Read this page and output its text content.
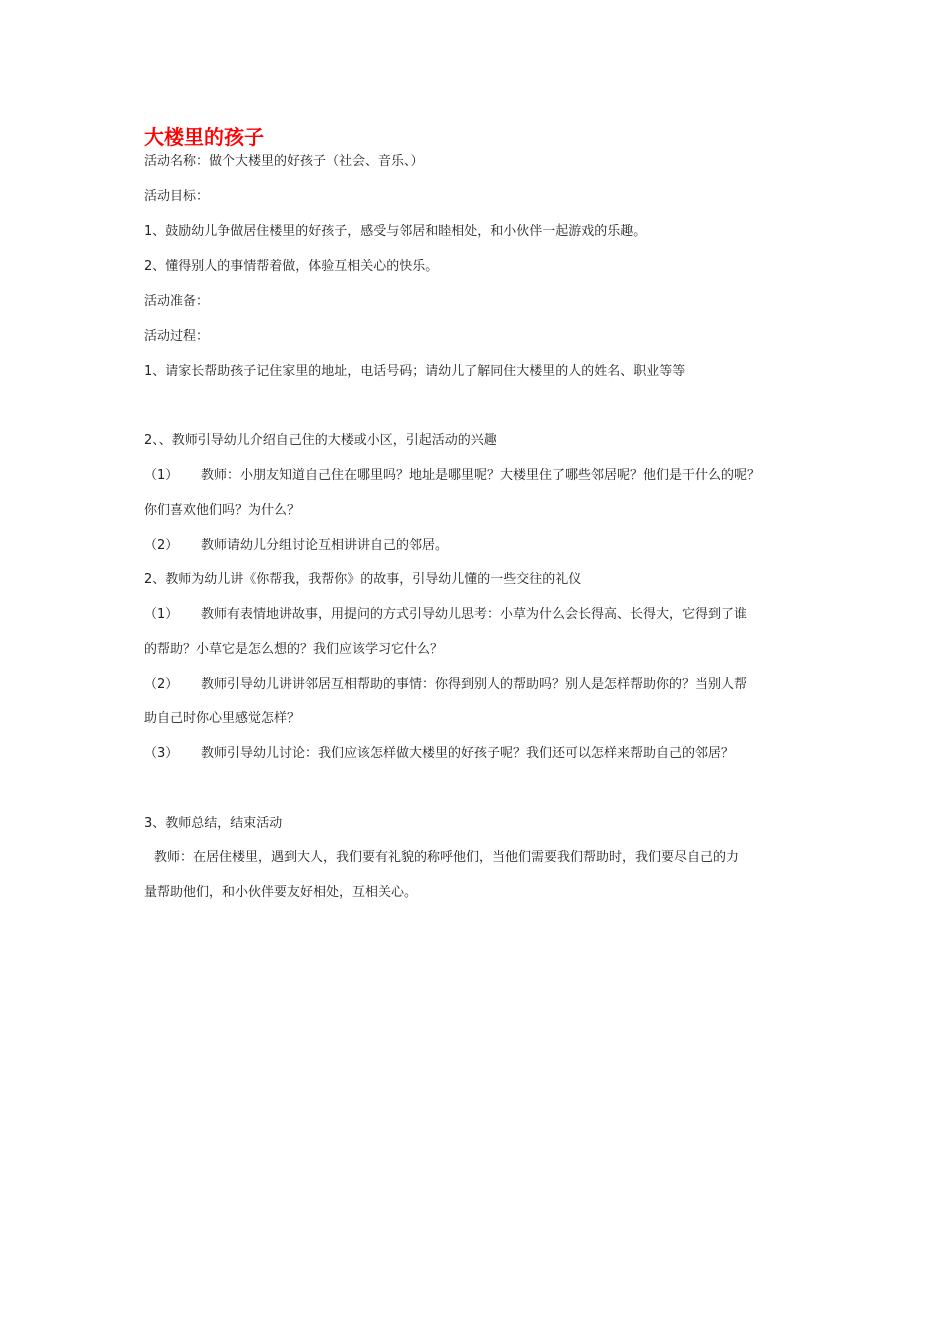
大楼里的孩子

活动名称：做个大楼里的好孩子（社会、音乐、）

活动目标：

1、鼓励幼儿争做居住楼里的好孩子，感受与邻居和睦相处，和小伙伴一起游戏的乐趣。

2、懂得别人的事情帮着做，体验互相关心的快乐。

活动准备：

活动过程：

1、请家长帮助孩子记住家里的地址，电话号码；请幼儿了解同住大楼里的人的姓名、职业等等

2、、教师引导幼儿介绍自己住的大楼或小区，引起活动的兴趣

（1） 教师：小朋友知道自己住在哪里吗？地址是哪里呢？大楼里住了哪些邻居呢？他们是干什么的呢？

你们喜欢他们吗？为什么？

（2） 教师请幼儿分组讨论互相讲讲自己的邻居。

2、教师为幼儿讲《你帮我，我帮你》的故事，引导幼儿懂的一些交往的礼仪

（1） 教师有表情地讲故事，用提问的方式引导幼儿思考：小草为什么会长得高、长得大，它得到了谁

的帮助？小草它是怎么想的？我们应该学习它什么？

（2） 教师引导幼儿讲讲邻居互相帮助的事情：你得到别人的帮助吗？别人是怎样帮助你的？当别人帮

助自己时你心里感觉怎样？

（3） 教师引导幼儿讨论：我们应该怎样做大楼里的好孩子呢？我们还可以怎样来帮助自己的邻居？

3、教师总结，结束活动

教师：在居住楼里，遇到大人，我们要有礼貌的称呼他们，当他们需要我们帮助时，我们要尽自己的力

量帮助他们，和小伙伴要友好相处，互相关心。
